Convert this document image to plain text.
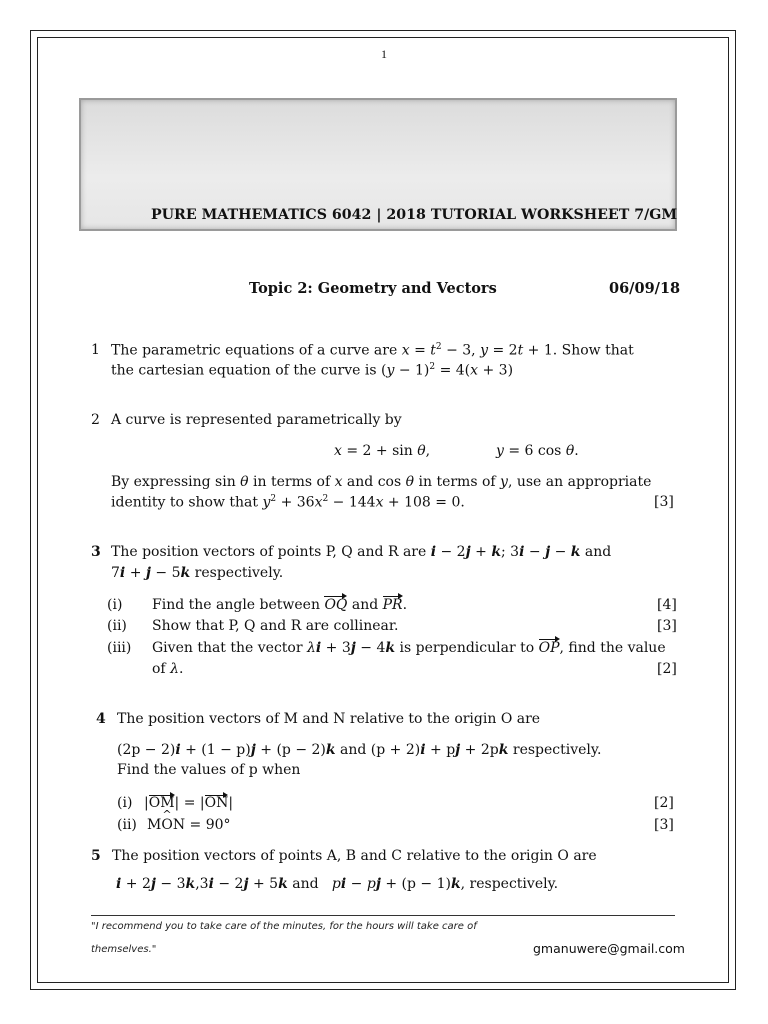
1
PURE MATHEMATICS 6042 | 2018 TUTORIAL WORKSHEET 7/GM
Topic 2: Geometry and Vectors	06/09/18
1 The parametric equations of a curve are $x = t^2 - 3$, y = 2t + 1. Show that
the cartesian equation of the curve is $(y - 1)^2 = 4(x + 3)$
2 A curve is represented parametrically by
x = 2 + sin θ,	y = 6 cos θ.
By expressing sin θ in terms of x and cos θ in terms of y, use an appropriate
identity to show that $y^2 + 36x^2 - 144x + 108 = 0$.	[3]
3 The position vectors of points P, Q and R are i − 2j + k; 3i − j − k and
7i + j − 5k respectively.
(i) Find the angle between OQ and PR.	[4]
(ii) Show that P, Q and R are collinear.	[3]
(iii) Given that the vector λi + 3j − 4k is perpendicular to OP, find the value
of λ.	[2]
4 The position vectors of M and N relative to the origin O are
(2p − 2)i + (1 − p)j + (p − 2)k and (p + 2)i + pj + 2pk respectively.
Find the values of p when
(i) |OM| = |ON|	[2]
(ii) M^ ON = 90°	[3]
5 The position vectors of points A, B and C relative to the origin O are
i + 2j − 3k,3i − 2j + 5k and   pi − pj + (p − 1)k, respectively.
"I recommend you to take care of the minutes, for the hours will take care of
themselves."	gmanuwere@gmail.com
